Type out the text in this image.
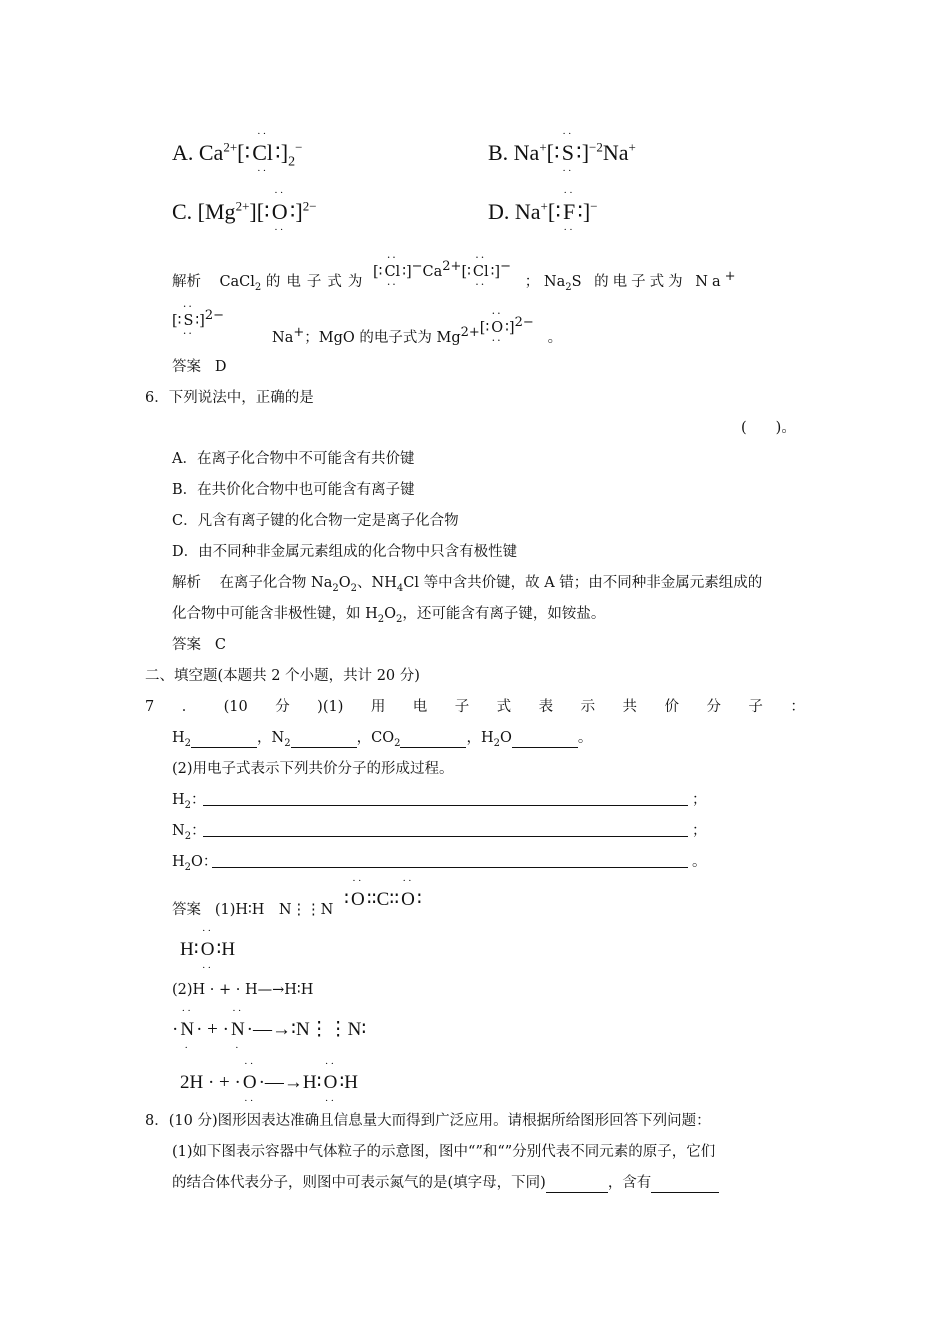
A. $Ca^{2+}[∶$
··
Cl
··
$∶]_2^-$	B. Na+[∶
··
S
··
∶]$^{-2}$Na+
C. $[Mg^{2+}][∶$
··
O
··
∶]$^{2-}$	D. Na+[∶
··
F
··
∶]−
解析 CaCl$_2$ 的电子式为 [∶
··
Cl
··
∶]−Ca2+[∶
··
Cl
··
∶]−   ； $Na_2S$ 的电子式为 Na+
[∶
··
S
··
∶]2−
Na+；MgO 的电子式为 Mg2+[∶
··
O
··
∶]2−   。
答案 D
6．下列说法中，正确的是
(　　)。
A．在离子化合物中不可能含有共价键
B．在共价化合物中也可能含有离子键
C．凡含有离子键的化合物一定是离子化合物
D．由不同种非金属元素组成的化合物中只含有极性键
解析 在离子化合物 $Na_2O_2$、$NH_4Cl$ 等中含共价键，故 A 错；由不同种非金属元素组成的
化合物中可能含非极性键，如 $H_2O_2$，还可能含有离子键，如铵盐。
答案 C
二、填空题(本题共 2 个小题，共计 20 分)
7 ． (10 分 )(1) 用 电 子 式 表 示 共 价 分 子 ：
$H_2$	，$N_2$	，$CO_2$	，$H_2O$	。
(2)用电子式表示下列共价分子的形成过程。
$H_2$：	；
$N_2$：	；
$H_2O$：	。
答案 (1)H∶H　N⋮⋮N ∶
··
O ∶∶C∶∶
··
O ∶
H∶
··
O
··
∶H
(2)H · + · H—→H∶H
·
··
N
·
· + ·
··
N
·
·—→∶N⋮⋮N∶
2H · + ·
··
O
··
·—→H∶
··
O
··
∶H
8．(10 分)图形因表达准确且信息量大而得到广泛应用。请根据所给图形回答下列问题：
(1)如下图表示容器中气体粒子的示意图，图中“”和“”分别代表不同元素的原子，它们
的结合体代表分子，则图中可表示氮气的是(填字母，下同)	，含有
